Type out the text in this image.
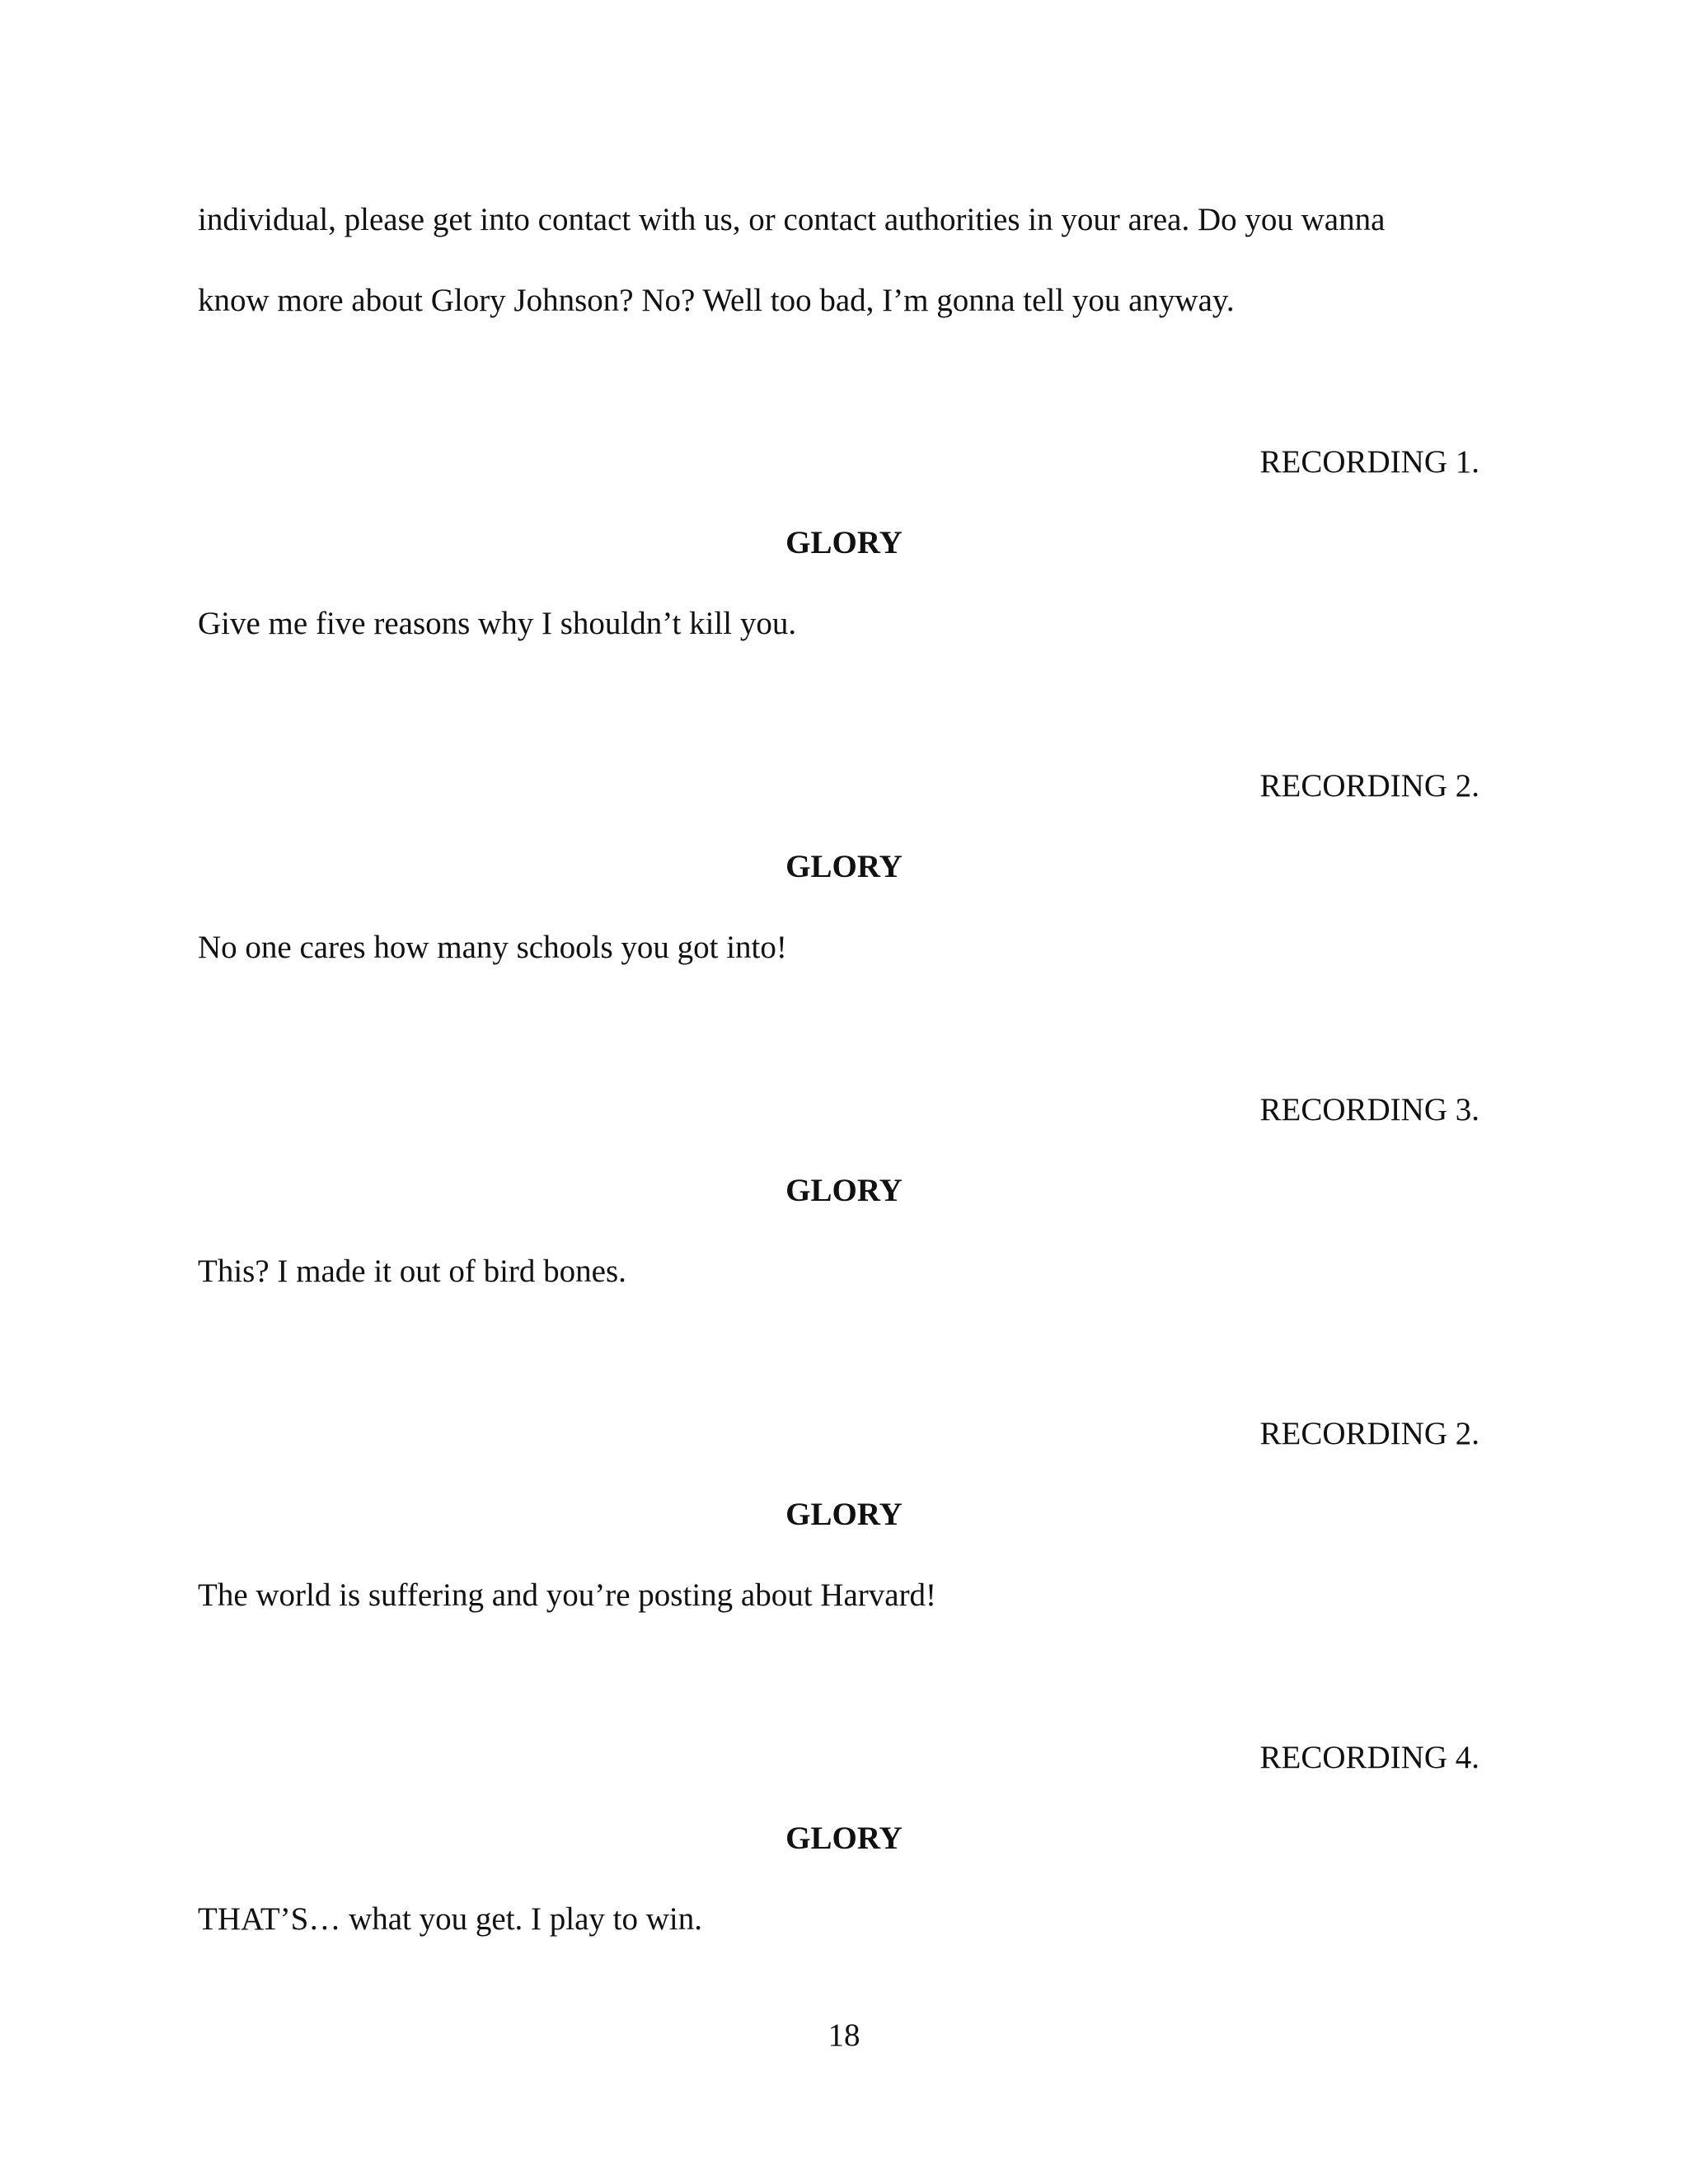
individual, please get into contact with us, or contact authorities in your area. Do you wanna
know more about Glory Johnson? No? Well too bad, I’m gonna tell you anyway.
RECORDING 1.
GLORY
Give me five reasons why I shouldn’t kill you.
RECORDING 2.
GLORY
No one cares how many schools you got into!
RECORDING 3.
GLORY
This? I made it out of bird bones.
RECORDING 2.
GLORY
The world is suffering and you’re posting about Harvard!
RECORDING 4.
GLORY
THAT’S… what you get. I play to win.
18
